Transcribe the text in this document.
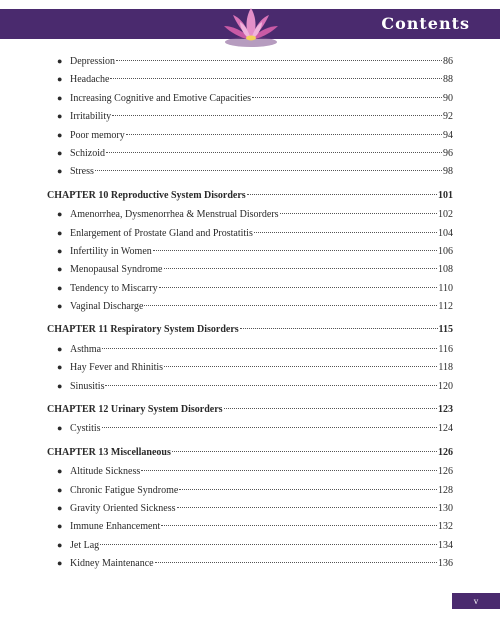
Contents
● Depression	86
● Headache	88
● Increasing Cognitive and Emotive Capacities	90
● Irritability	92
● Poor memory	94
● Schizoid	96
● Stress	98
CHAPTER 10 Reproductive System Disorders	101
● Amenorrhea, Dysmenorrhea & Menstrual Disorders	102
● Enlargement of Prostate Gland and Prostatitis	104
● Infertility in Women	106
● Menopausal Syndrome	108
● Tendency to Miscarry	110
● Vaginal Discharge	112
CHAPTER 11 Respiratory System Disorders	115
● Asthma	116
● Hay Fever and Rhinitis	118
● Sinusitis	120
CHAPTER 12 Urinary System Disorders	123
● Cystitis	124
CHAPTER 13 Miscellaneous	126
● Altitude Sickness	126
● Chronic Fatigue Syndrome	128
● Gravity Oriented Sickness	130
● Immune Enhancement	132
● Jet Lag	134
● Kidney Maintenance	136
v
